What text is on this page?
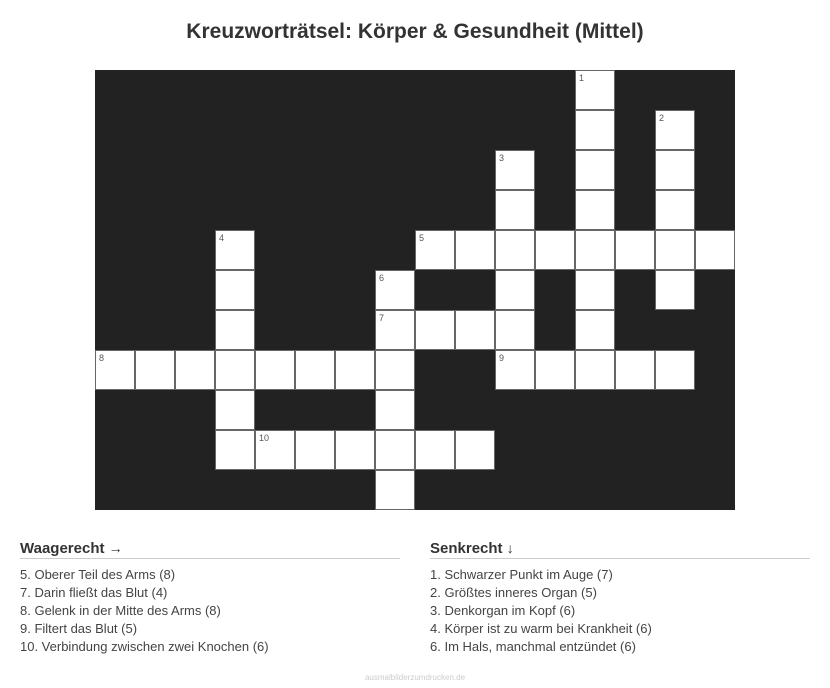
Kreuzworträtsel: Körper & Gesundheit (Mittel)
5
7
8	9
10
1
2
3
4
6
Waagerecht →
5. Oberer Teil des Arms (8)
7. Darin fließt das Blut (4)
8. Gelenk in der Mitte des Arms (8)
9. Filtert das Blut (5)
10. Verbindung zwischen zwei Knochen (6)
Senkrecht ↓
1. Schwarzer Punkt im Auge (7)
2. Größtes inneres Organ (5)
3. Denkorgan im Kopf (6)
4. Körper ist zu warm bei Krankheit (6)
6. Im Hals, manchmal entzündet (6)
ausmalbilderzumdrucken.de
